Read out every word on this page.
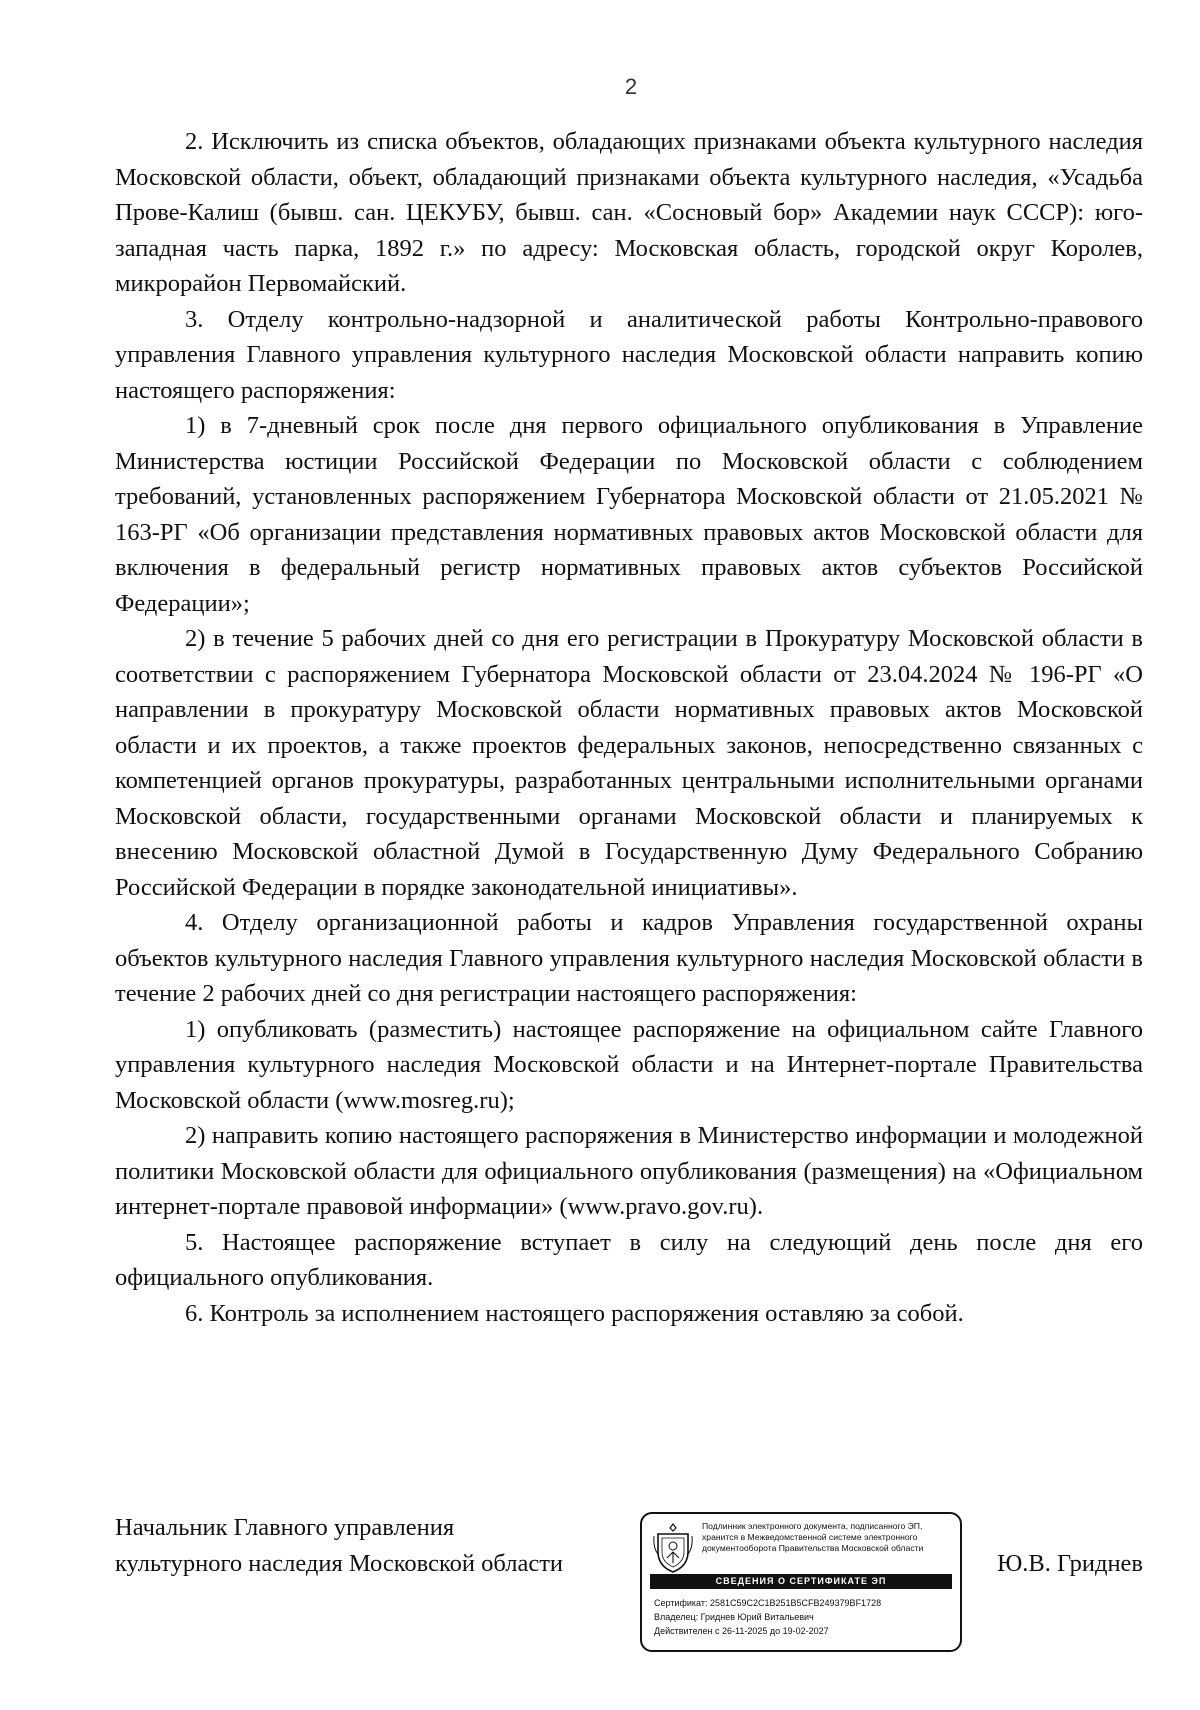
2

2. Исключить из списка объектов, обладающих признаками объекта культурного наследия Московской области, объект, обладающий признаками объекта культурного наследия, «Усадьба Прове-Калиш (бывш. сан. ЦЕКУБУ, бывш. сан. «Сосновый бор» Академии наук СССР): юго-западная часть парка, 1892 г.» по адресу: Московская область, городской округ Королев, микрорайон Первомайский.

3. Отделу контрольно-надзорной и аналитической работы Контрольно-правового управления Главного управления культурного наследия Московской области направить копию настоящего распоряжения:

1) в 7-дневный срок после дня первого официального опубликования в Управление Министерства юстиции Российской Федерации по Московской области с соблюдением требований, установленных распоряжением Губернатора Московской области от 21.05.2021 № 163-РГ «Об организации представления нормативных правовых актов Московской области для включения в федеральный регистр нормативных правовых актов субъектов Российской Федерации»;

2) в течение 5 рабочих дней со дня его регистрации в Прокуратуру Московской области в соответствии с распоряжением Губернатора Московской области от 23.04.2024 № 196-РГ «О направлении в прокуратуру Московской области нормативных правовых актов Московской области и их проектов, а также проектов федеральных законов, непосредственно связанных с компетенцией органов прокуратуры, разработанных центральными исполнительными органами Московской области, государственными органами Московской области и планируемых к внесению Московской областной Думой в Государственную Думу Федерального Собранию Российской Федерации в порядке законодательной инициативы».

4. Отделу организационной работы и кадров Управления государственной охраны объектов культурного наследия Главного управления культурного наследия Московской области в течение 2 рабочих дней со дня регистрации настоящего распоряжения:

1) опубликовать (разместить) настоящее распоряжение на официальном сайте Главного управления культурного наследия Московской области и на Интернет-портале Правительства Московской области (www.mosreg.ru);

2) направить копию настоящего распоряжения в Министерство информации и молодежной политики Московской области для официального опубликования (размещения) на «Официальном интернет-портале правовой информации» (www.pravo.gov.ru).

5. Настоящее распоряжение вступает в силу на следующий день после дня его официального опубликования.

6. Контроль за исполнением настоящего распоряжения оставляю за собой.

Начальник Главного управления
культурного наследия Московской области
Подлинник электронного документа, подписанного ЭП,
хранится в Межведомственной системе электронного
документооборота Правительства Московской области
СВЕДЕНИЯ О СЕРТИФИКАТЕ ЭП
Сертификат: 2581C59C2C1B251B5CFB249379BF1728
Владелец: Гриднев Юрий Витальевич
Действителен с 26-11-2025 до 19-02-2027
Ю.В. Гриднев
